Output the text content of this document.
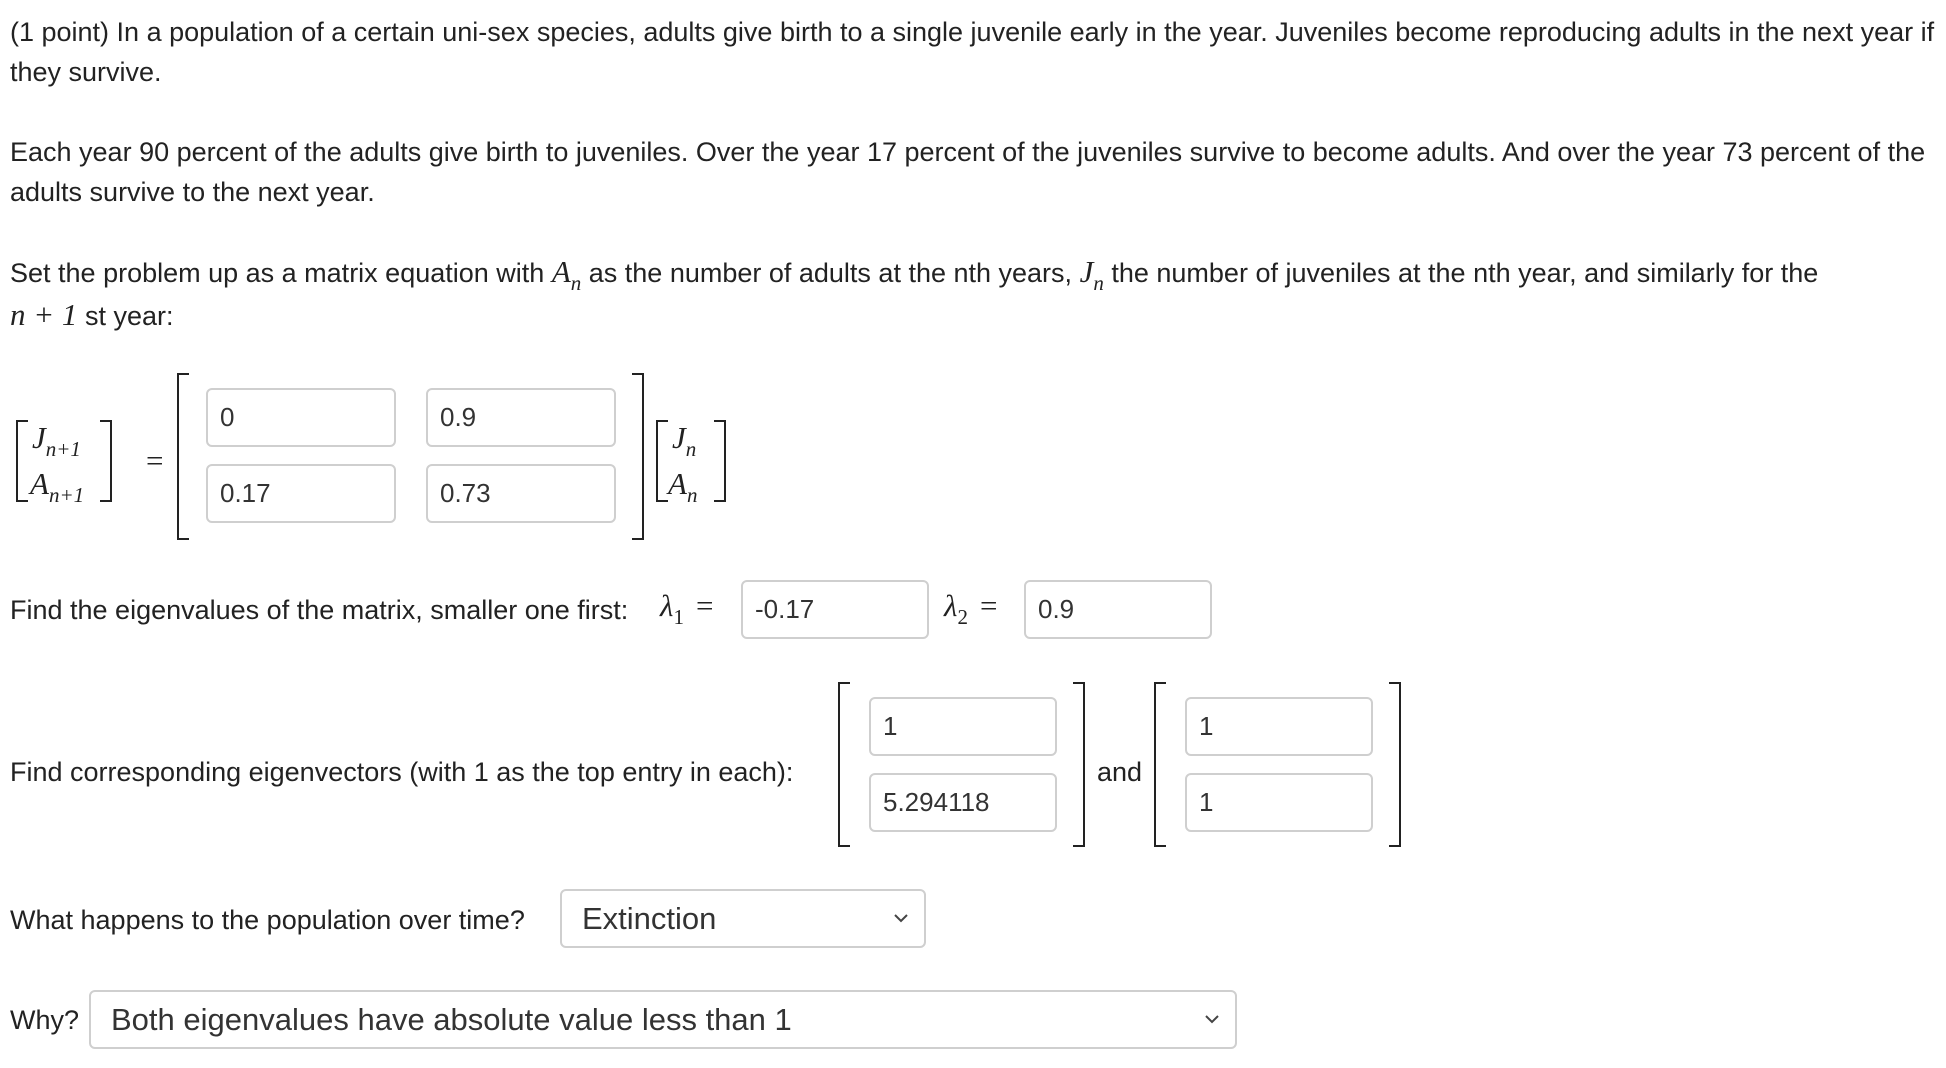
(1 point) In a population of a certain uni-sex species, adults give birth to a single juvenile early in the year. Juveniles become reproducing adults in the next year if they survive.
Each year 90 percent of the adults give birth to juveniles. Over the year 17 percent of the juveniles survive to become adults. And over the year 73 percent of the adults survive to the next year.
Set the problem up as a matrix equation with $A_n$ as the number of adults at the nth years, $J_n$ the number of juveniles at the nth year, and similarly for the
n + 1 st year:
$J_{n+1}$
$A_{n+1}$
=
0	0.9
0.17	0.73
$J_n$
$A_n$
Find the eigenvalues of the matrix, smaller one first: $\lambda_1$ =	-0.17	$\lambda_2$ =	0.9
Find corresponding eigenvectors (with 1 as the top entry in each):
1
5.294118
and
1
1
What happens to the population over time?	Extinction
Why?	Both eigenvalues have absolute value less than 1
